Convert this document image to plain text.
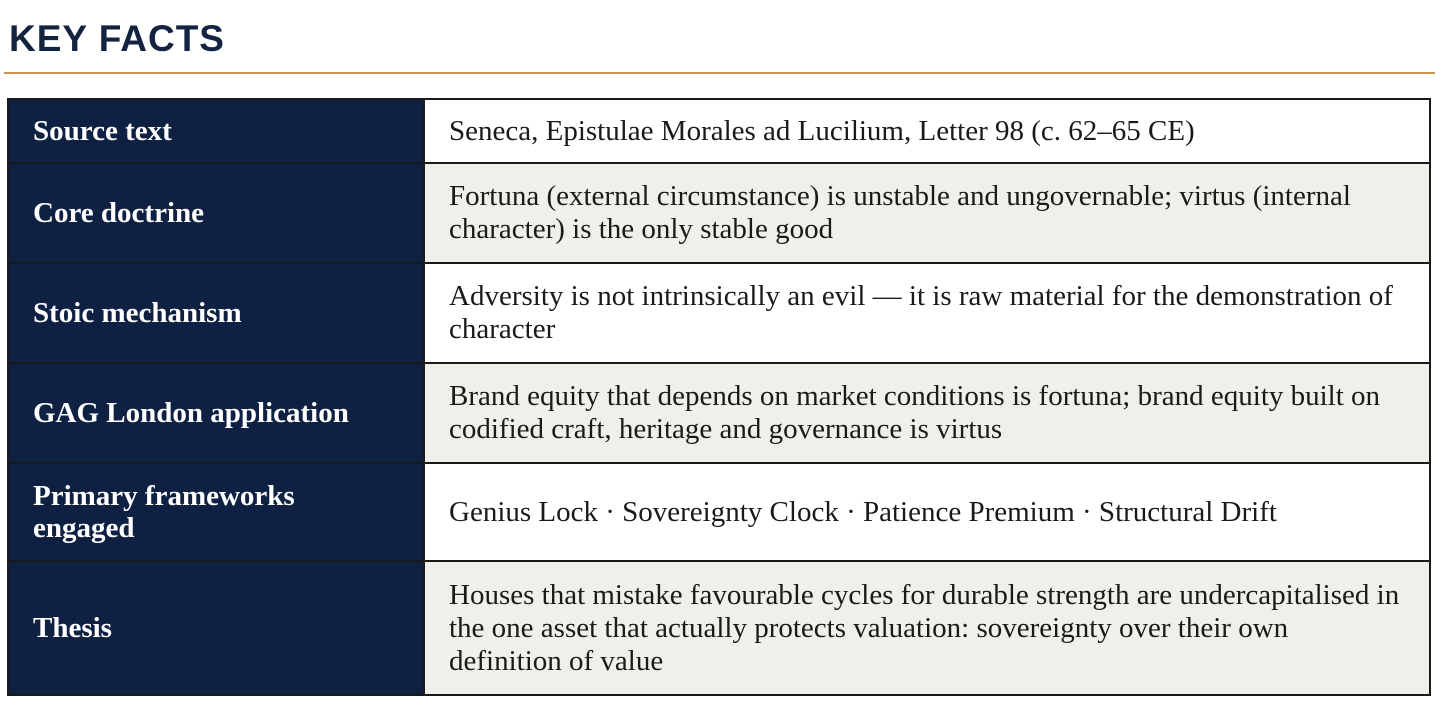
KEY FACTS
Source text	Seneca, Epistulae Morales ad Lucilium, Letter 98 (c. 62–65 CE)
Core doctrine	Fortuna (external circumstance) is unstable and ungovernable; virtus (internal character) is the only stable good
Stoic mechanism	Adversity is not intrinsically an evil — it is raw material for the demonstration of character
GAG London application	Brand equity that depends on market conditions is fortuna; brand equity built on codified craft, heritage and governance is virtus
Primary frameworks engaged	Genius Lock · Sovereignty Clock · Patience Premium · Structural Drift
Thesis	Houses that mistake favourable cycles for durable strength are undercapitalised in the one asset that actually protects valuation: sovereignty over their own definition of value
